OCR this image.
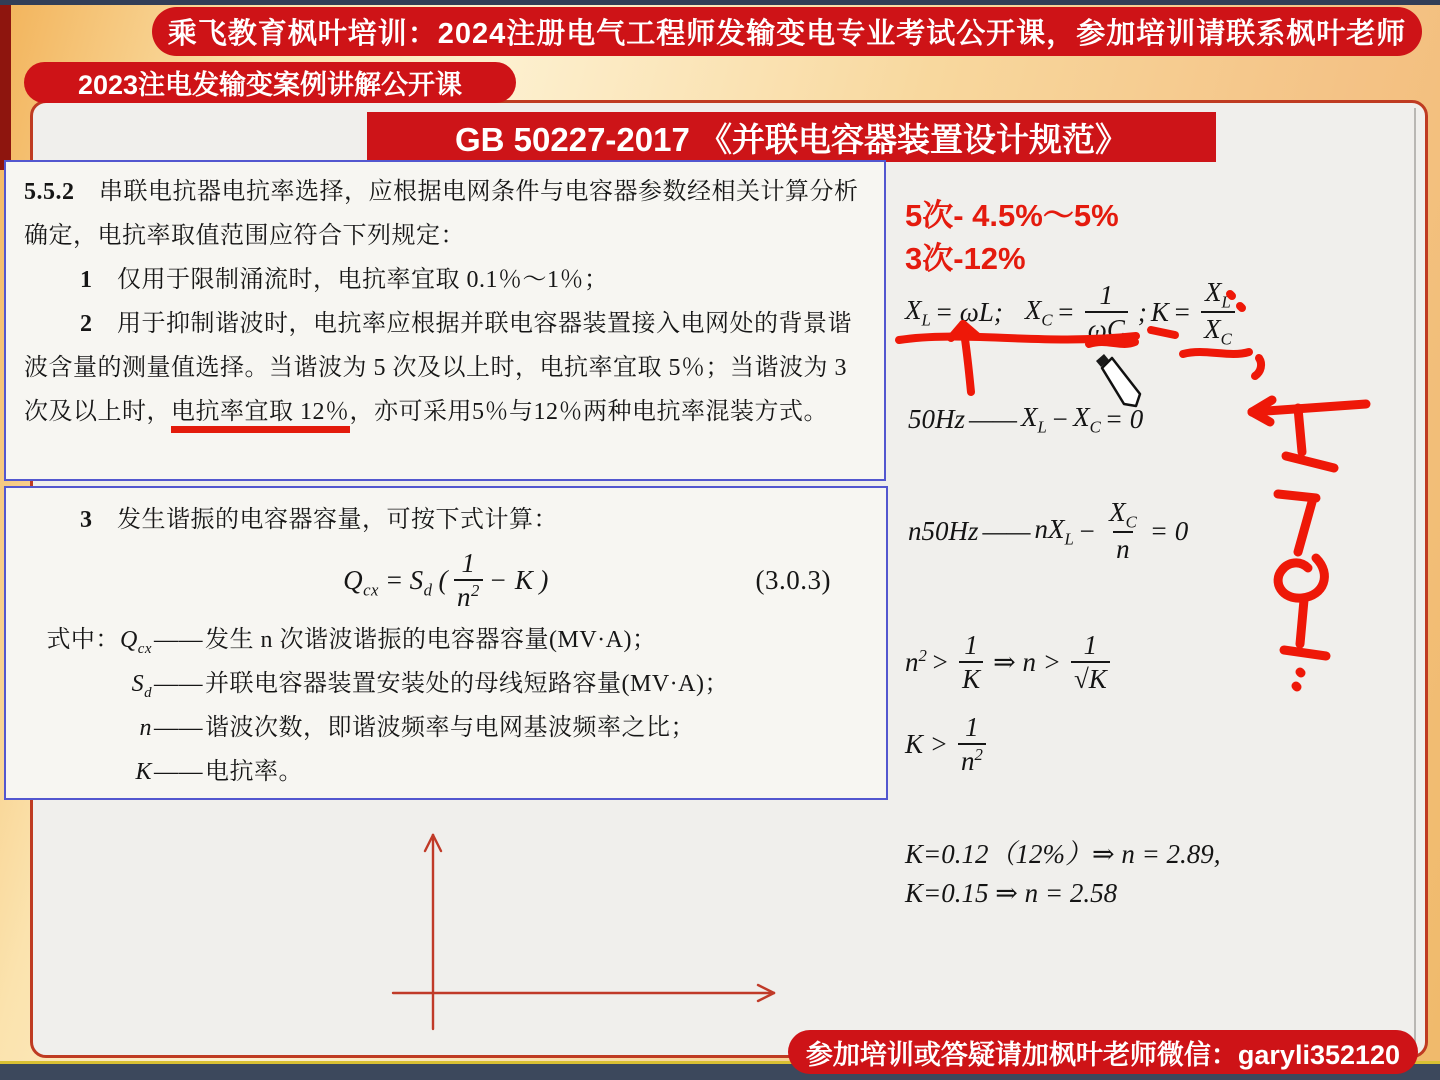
乘飞教育枫叶培训：2024注册电气工程师发输变电专业考试公开课，参加培训请联系枫叶老师
2023注电发输变案例讲解公开课
GB 50227-2017 《并联电容器装置设计规范》

5.5.2　串联电抗器电抗率选择，应根据电网条件与电容器参数经相关计算分析确定，电抗率取值范围应符合下列规定：

1　仅用于限制涌流时，电抗率宜取 0.1％～1％；

2　用于抑制谐波时，电抗率应根据并联电容器装置接入电网处的背景谐波含量的测量值选择。当谐波为 5 次及以上时，电抗率宜取 5％；当谐波为 3 次及以上时，电抗率宜取 12％，亦可采用5％与12％两种电抗率混装方式。

3　发生谐振的电容器容量，可按下式计算：

$Q_{cx} = S_d$ ( $\frac{1}{n^2} - K$ )	(3.0.3)
式中：$Q_{cx}$ —— 发生 n 次谐波谐振的电容器容量(MV·A)；
$S_d$ —— 并联电容器装置安装处的母线短路容量(MV·A)；
n —— 谐波次数，即谐波频率与电网基波频率之比；
K —— 电抗率。
5次- 4.5%～5%
3次-12%
$X_L = \omega L$; $X_C = \frac{1}{\omega C}$ ; $K = \frac{X_L}{X_C}$
50Hz —— $X_L - X_C = 0$
n50Hz —— $nX_L - \frac{X_C}{n} = 0$
$n^2 > \frac{1}{K}$ ⇒ $n > \frac{1}{√K}$
$K > \frac{1}{n^2}$
K=0.12（12%）⇒ n = 2.89,
K=0.15 ⇒ n = 2.58
参加培训或答疑请加枫叶老师微信：garyli352120
